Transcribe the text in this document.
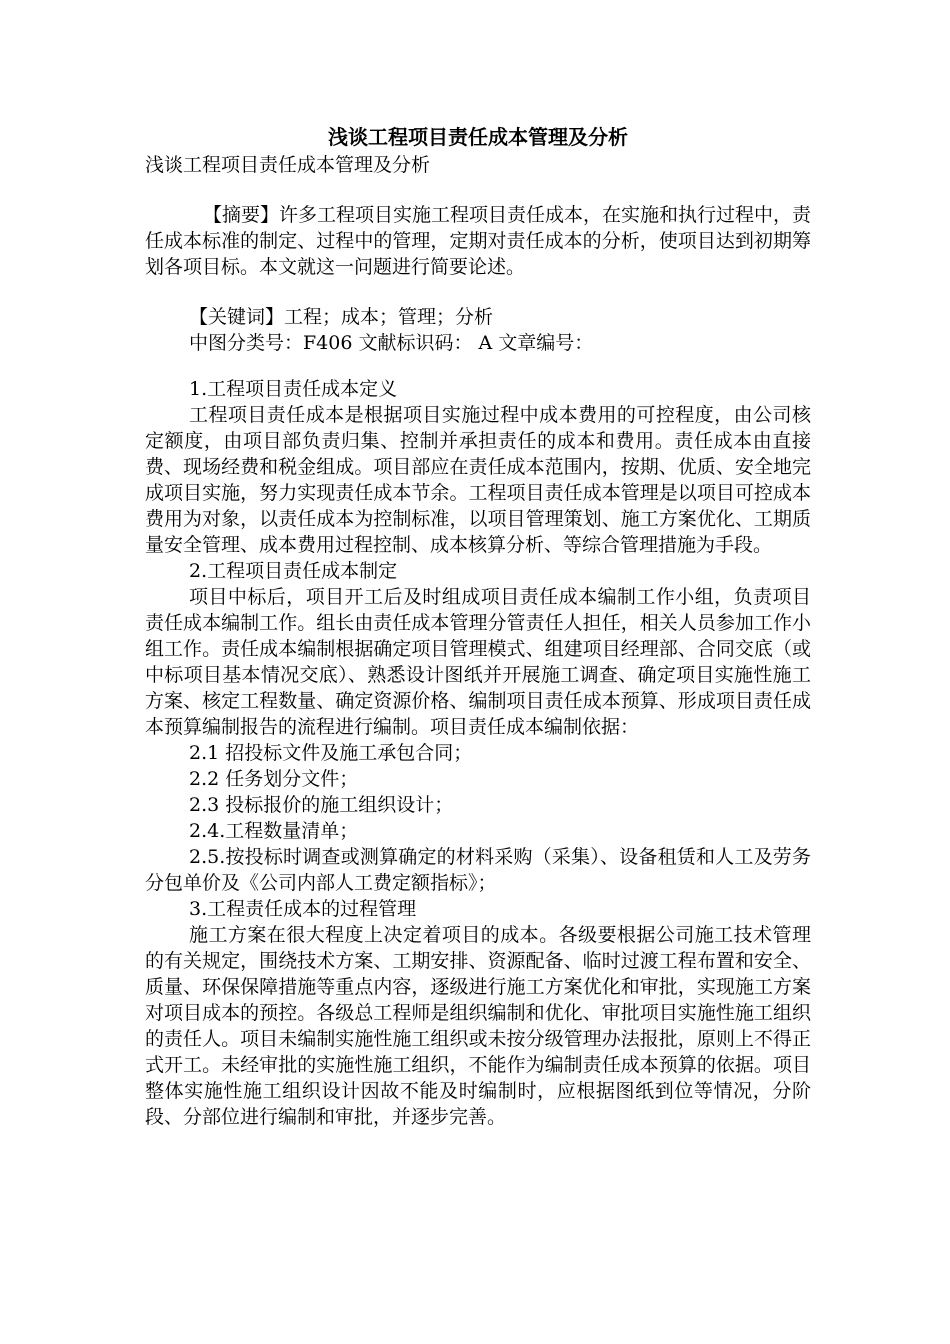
浅谈工程项目责任成本管理及分析

浅谈工程项目责任成本管理及分析

【摘要】许多工程项目实施工程项目责任成本，在实施和执行过程中，责任成本标准的制定、过程中的管理，定期对责任成本的分析，使项目达到初期筹划各项目标。本文就这一问题进行简要论述。

【关键词】工程；成本；管理；分析

中图分类号：F406 文献标识码： A 文章编号：

1.工程项目责任成本定义

工程项目责任成本是根据项目实施过程中成本费用的可控程度，由公司核定额度，由项目部负责归集、控制并承担责任的成本和费用。责任成本由直接费、现场经费和税金组成。项目部应在责任成本范围内，按期、优质、安全地完成项目实施，努力实现责任成本节余。工程项目责任成本管理是以项目可控成本费用为对象，以责任成本为控制标准，以项目管理策划、施工方案优化、工期质量安全管理、成本费用过程控制、成本核算分析、等综合管理措施为手段。

2.工程项目责任成本制定

项目中标后，项目开工后及时组成项目责任成本编制工作小组，负责项目责任成本编制工作。组长由责任成本管理分管责任人担任，相关人员参加工作小组工作。责任成本编制根据确定项目管理模式、组建项目经理部、合同交底（或中标项目基本情况交底）、熟悉设计图纸并开展施工调查、确定项目实施性施工方案、核定工程数量、确定资源价格、编制项目责任成本预算、形成项目责任成本预算编制报告的流程进行编制。项目责任成本编制依据：

2.1 招投标文件及施工承包合同；

2.2 任务划分文件；

2.3 投标报价的施工组织设计；

2.4.工程数量清单；

2.5.按投标时调查或测算确定的材料采购（采集）、设备租赁和人工及劳务分包单价及《公司内部人工费定额指标》；

3.工程责任成本的过程管理

施工方案在很大程度上决定着项目的成本。各级要根据公司施工技术管理的有关规定，围绕技术方案、工期安排、资源配备、临时过渡工程布置和安全、质量、环保保障措施等重点内容，逐级进行施工方案优化和审批，实现施工方案对项目成本的预控。各级总工程师是组织编制和优化、审批项目实施性施工组织的责任人。项目未编制实施性施工组织或未按分级管理办法报批，原则上不得正式开工。未经审批的实施性施工组织，不能作为编制责任成本预算的依据。项目整体实施性施工组织设计因故不能及时编制时，应根据图纸到位等情况，分阶段、分部位进行编制和审批，并逐步完善。
